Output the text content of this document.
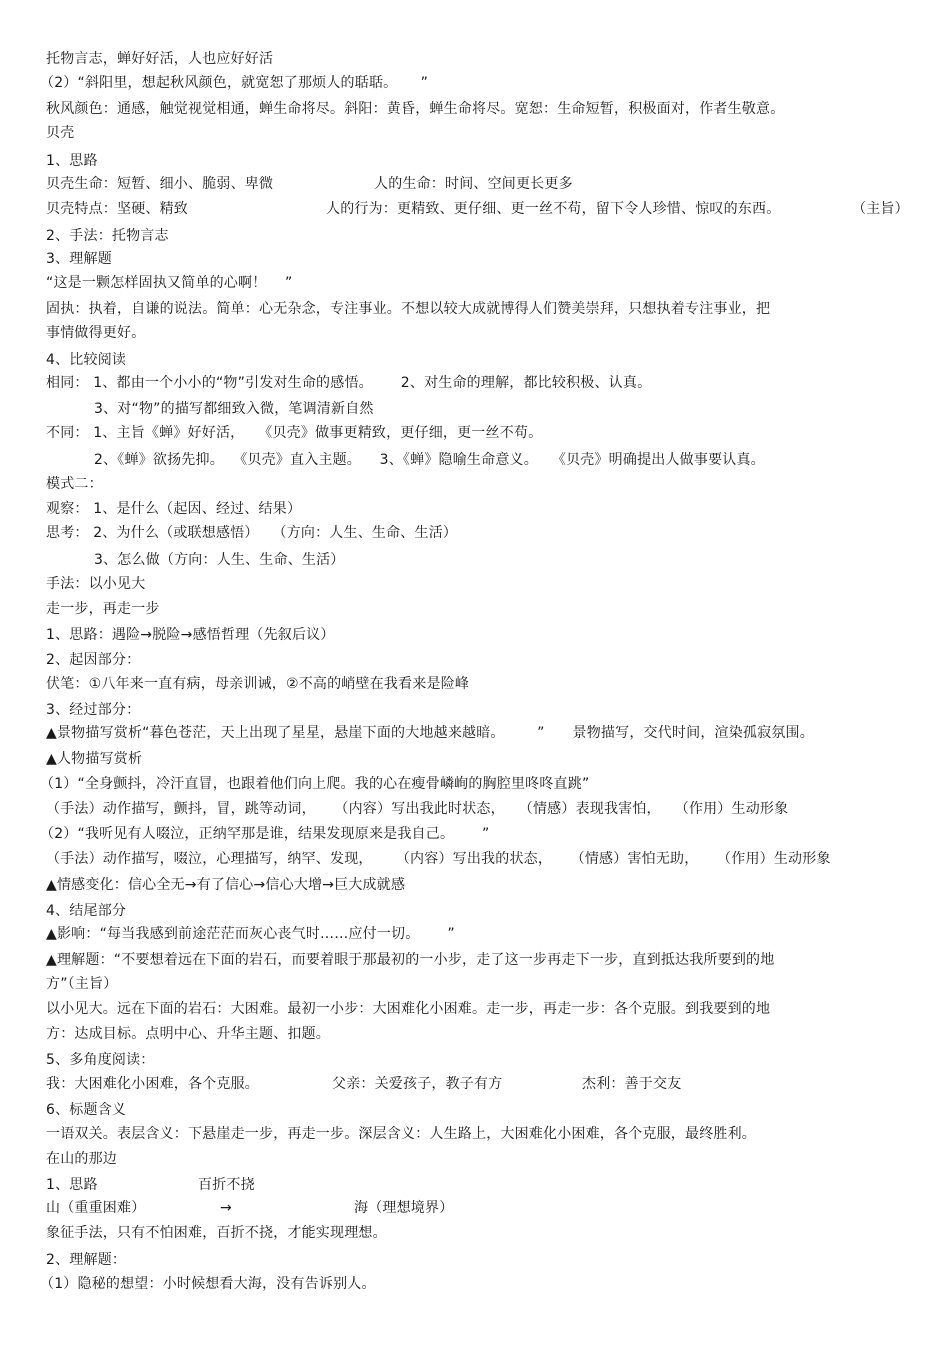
托物言志，蝉好好活，人也应好好活
（2）“斜阳里，想起秋风颜色，就宽恕了那烦人的聒聒。     ”
秋风颜色：通感，触觉视觉相通，蝉生命将尽。斜阳：黄昏，蝉生命将尽。宽恕：生命短暂，积极面对，作者生敬意。
贝壳
1、思路
贝壳生命：短暂、细小、脆弱、卑微	人的生命：时间、空间更长更多
贝壳特点：坚硬、精致	人的行为：更精致、更仔细、更一丝不苟，留下令人珍惜、惊叹的东西。	（主旨）
2、手法：托物言志
3、理解题
“这是一颗怎样固执又简单的心啊！    ”
固执：执着，自谦的说法。简单：心无杂念，专注事业。不想以较大成就博得人们赞美崇拜，只想执着专注事业，把
事情做得更好。
4、比较阅读
相同： 1、都由一个小小的“物”引发对生命的感悟。      2、对生命的理解，都比较积极、认真。
3、对“物”的描写都细致入微，笔调清新自然
不同： 1、主旨《蝉》好好活，   《贝壳》做事更精致，更仔细，更一丝不苟。
2、《蝉》欲扬先抑。  《贝壳》直入主题。    3、《蝉》隐喻生命意义。   《贝壳》明确提出人做事要认真。
模式二：
观察： 1、是什么（起因、经过、结果）
思考： 2、为什么（或联想感悟）   （方向：人生、生命、生活）
3、怎么做（方向：人生、生命、生活）
手法：以小见大
走一步，再走一步
1、思路：遇险→脱险→感悟哲理（先叙后议）
2、起因部分：
伏笔：①八年来一直有病，母亲训诫，②不高的峭壁在我看来是险峰
3、经过部分：
▲景物描写赏析“暮色苍茫，天上出现了星星，悬崖下面的大地越来越暗。       ”      景物描写，交代时间，渲染孤寂氛围。
▲人物描写赏析
（1）“全身颤抖，冷汗直冒，也跟着他们向上爬。我的心在瘦骨嶙峋的胸腔里咚咚直跳”
（手法）动作描写，颤抖，冒，跳等动词，    （内容）写出我此时状态，   （情感）表现我害怕，   （作用）生动形象
（2）“我听见有人啜泣，正纳罕那是谁，结果发现原来是我自己。      ”
（手法）动作描写，啜泣，心理描写，纳罕、发现，     （内容）写出我的状态，    （情感）害怕无助，    （作用）生动形象
▲情感变化：信心全无→有了信心→信心大增→巨大成就感
4、结尾部分
▲影响：“每当我感到前途茫茫而灰心丧气时……应付一切。      ”
▲理解题：“不要想着远在下面的岩石，而要着眼于那最初的一小步，走了这一步再走下一步，直到抵达我所要到的地
方”（主旨）
以小见大。远在下面的岩石：大困难。最初一小步：大困难化小困难。走一步，再走一步：各个克服。到我要到的地
方：达成目标。点明中心、升华主题、扣题。
5、多角度阅读：
我：大困难化小困难，各个克服。	父亲：关爱孩子，教子有方	杰利：善于交友
6、标题含义
一语双关。表层含义：下悬崖走一步，再走一步。深层含义：人生路上，大困难化小困难，各个克服，最终胜利。
在山的那边
1、思路	百折不挠
山（重重困难）	→	海（理想境界）
象征手法，只有不怕困难，百折不挠，才能实现理想。
2、理解题：
（1）隐秘的想望：小时候想看大海，没有告诉别人。
